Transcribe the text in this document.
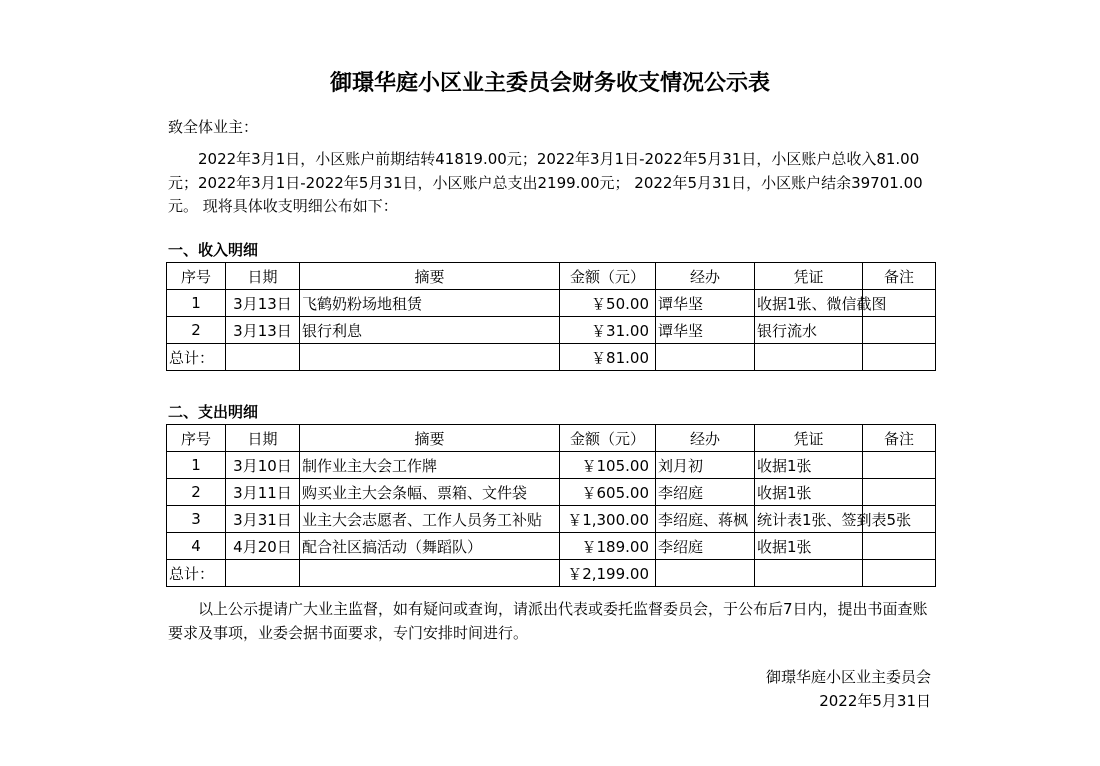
御璟华庭小区业主委员会财务收支情况公示表
致全体业主：

2022年3月1日，小区账户前期结转41819.00元；2022年3月1日-2022年5月31日，小区账户总收入81.00元；2022年3月1日-2022年5月31日，小区账户总支出2199.00元； 2022年5月31日，小区账户结余39701.00元。 现将具体收支明细公布如下：

一、收入明细
序号	日期	摘要	金额（元）	经办	凭证	备注
1	3月13日	飞鹤奶粉场地租赁	￥50.00	谭华坚	收据1张、微信截图	
2	3月13日	银行利息	￥31.00	谭华坚	银行流水	
总计：			￥81.00			
二、支出明细
序号	日期	摘要	金额（元）	经办	凭证	备注
1	3月10日	制作业主大会工作牌	￥105.00	刘月初	收据1张	
2	3月11日	购买业主大会条幅、票箱、文件袋	￥605.00	李绍庭	收据1张	
3	3月31日	业主大会志愿者、工作人员务工补贴	￥1,300.00	李绍庭、蒋枫	统计表1张、签到表5张	
4	4月20日	配合社区搞活动（舞蹈队）	￥189.00	李绍庭	收据1张	
总计：			￥2,199.00			

以上公示提请广大业主监督，如有疑问或查询，请派出代表或委托监督委员会，于公布后7日内，提出书面查账要求及事项，业委会据书面要求，专门安排时间进行。

御璟华庭小区业主委员会
2022年5月31日
